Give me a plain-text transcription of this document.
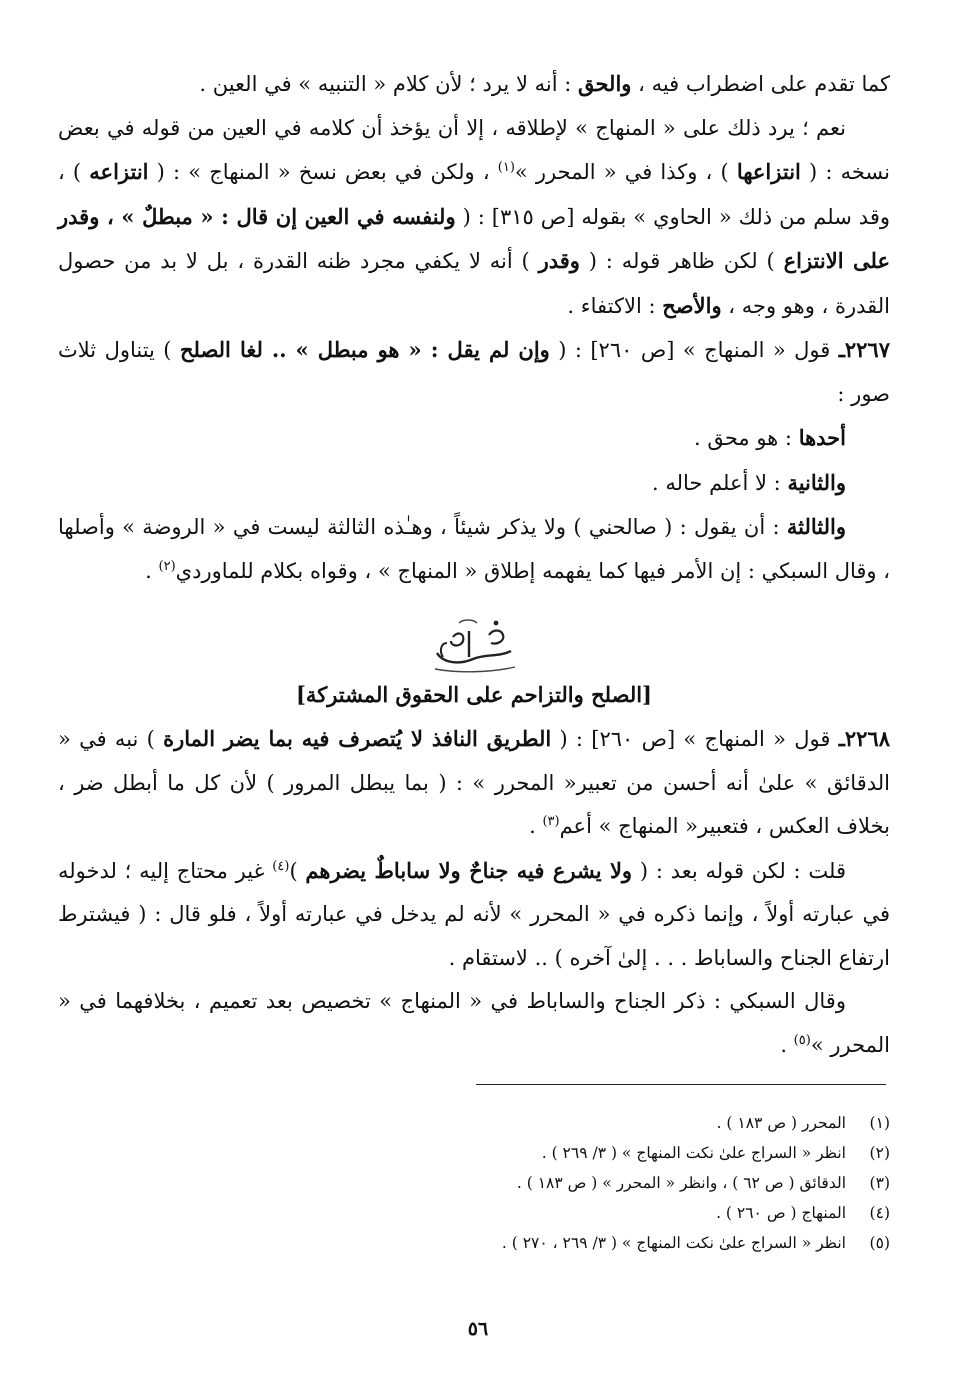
كما تقدم على اضطراب فيه ، والحق : أنه لا يرد ؛ لأن كلام « التنبيه » في العين .

نعم ؛ يرد ذلك على « المنهاج » لإطلاقه ، إلا أن يؤخذ أن كلامه في العين من قوله في بعض نسخه : ( انتزاعها ) ، وكذا في « المحرر »$^{(١)}$ ، ولكن في بعض نسخ « المنهاج » : ( انتزاعه ) ، وقد سلم من ذلك « الحاوي » بقوله [ص ٣١٥] : ( ولنفسه في العين إن قال : « مبطلٌ » ، وقدر على الانتزاع ) لكن ظاهر قوله : ( وقدر ) أنه لا يكفي مجرد ظنه القدرة ، بل لا بد من حصول القدرة ، وهو وجه ، والأصح : الاكتفاء .

٢٢٦٧ـ قول « المنهاج » [ص ٢٦٠] : ( وإن لم يقل : « هو مبطل » .. لغا الصلح ) يتناول ثلاث صور :

أحدها : هو محق .

والثانية : لا أعلم حاله .

والثالثة : أن يقول : ( صالحني ) ولا يذكر شيئاً ، وهـٰذه الثالثة ليست في « الروضة » وأصلها ، وقال السبكي : إن الأمر فيها كما يفهمه إطلاق « المنهاج » ، وقواه بكلام للماوردي$^{(٢)}$ .

[الصلح والتزاحم على الحقوق المشتركة]

٢٢٦٨ـ قول « المنهاج » [ص ٢٦٠] : ( الطريق النافذ لا يُتصرف فيه بما يضر المارة ) نبه في « الدقائق » علىٰ أنه أحسن من تعبير« المحرر » : ( بما يبطل المرور ) لأن كل ما أبطل ضر ، بخلاف العكس ، فتعبير« المنهاج » أعم$^{(٣)}$ .

قلت : لكن قوله بعد : ( ولا يشرع فيه جناحٌ ولا ساباطٌ يضرهم )$^{(٤)}$ غير محتاج إليه ؛ لدخوله في عبارته أولاً ، وإنما ذكره في « المحرر » لأنه لم يدخل في عبارته أولاً ، فلو قال : ( فيشترط ارتفاع الجناح والساباط . . . إلىٰ آخره ) .. لاستقام .

وقال السبكي : ذكر الجناح والساباط في « المنهاج » تخصيص بعد تعميم ، بخلافهما في « المحرر »$^{(٥)}$ .

(١)المحرر ( ص ١٨٣ ) .
(٢)انظر « السراج علىٰ نكت المنهاج » ( ٣/ ٢٦٩ ) .
(٣)الدقائق ( ص ٦٢ ) ، وانظر « المحرر » ( ص ١٨٣ ) .
(٤)المنهاج ( ص ٢٦٠ ) .
(٥)انظر « السراج علىٰ نكت المنهاج » ( ٣/ ٢٦٩ ، ٢٧٠ ) .
٥٦
